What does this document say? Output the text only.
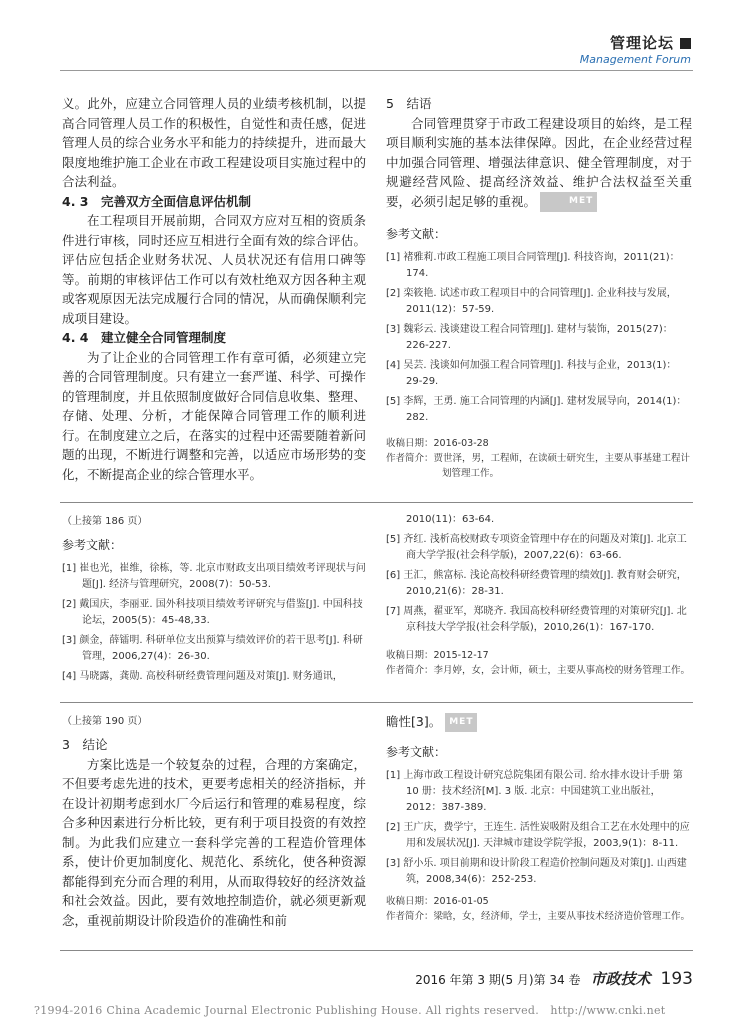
管理论坛
Management Forum

义。此外，应建立合同管理人员的业绩考核机制，以提高合同管理人员工作的积极性，自觉性和责任感，促进管理人员的综合业务水平和能力的持续提升，进而最大限度地维护施工企业在市政工程建设项目实施过程中的合法利益。

4. 3　完善双方全面信息评估机制

在工程项目开展前期，合同双方应对互相的资质条件进行审核，同时还应互相进行全面有效的综合评估。评估应包括企业财务状况、人员状况还有信用口碑等等。前期的审核评估工作可以有效杜绝双方因各种主观或客观原因无法完成履行合同的情况，从而确保顺利完成项目建设。

4. 4　建立健全合同管理制度

为了让企业的合同管理工作有章可循，必须建立完善的合同管理制度。只有建立一套严谨、科学、可操作的管理制度，并且依照制度做好合同信息收集、整理、存储、处理、分析，才能保障合同管理工作的顺利进行。在制度建立之后，在落实的过程中还需要随着新问题的出现，不断进行调整和完善，以适应市场形势的变化，不断提高企业的综合管理水平。

5　结语

合同管理贯穿于市政工程建设项目的始终，是工程项目顺利实施的基本法律保障。因此，在企业经营过程中加强合同管理、增强法律意识、健全管理制度，对于规避经营风险、提高经济效益、维护合法权益至关重要，必须引起足够的重视。	MET

参考文献：

[1] 褚雅莉.市政工程施工项目合同管理[J]. 科技咨询，2011(21)：174.

[2] 栾筱艳. 试述市政工程项目中的合同管理[J]. 企业科技与发展，2011(12)：57-59.

[3] 魏彩云. 浅谈建设工程合同管理[J]. 建材与装饰，2015(27)：226-227.

[4] 吴芸. 浅谈如何加强工程合同管理[J]. 科技与企业，2013(1)：29-29.

[5] 李辉，王勇. 施工合同管理的内涵[J]. 建材发展导向，2014(1)：282.

收稿日期：2016-03-28

作者简介：贾世泽，男，工程师，在读硕士研究生，主要从事基建工程计划管理工作。

（上接第 186 页）

参考文献：

[1] 崔也光，崔维，徐栋，等. 北京市财政支出项目绩效考评现状与问题[J]. 经济与管理研究，2008(7)：50-53.

[2] 戴国庆，李丽亚. 国外科技项目绩效考评研究与借鉴[J]. 中国科技论坛，2005(5)：45-48,33.

[3] 颜金，薛镭明. 科研单位支出预算与绩效评价的若干思考[J]. 科研管理，2006,27(4)：26-30.

[4] 马晓露，龚勋. 高校科研经费管理问题及对策[J]. 财务通讯，

2010(11)：63-64.

[5] 齐红. 浅析高校财政专项资金管理中存在的问题及对策[J]. 北京工商大学学报(社会科学版)，2007,22(6)：63-66.

[6] 王汇，熊富标. 浅论高校科研经费管理的绩效[J]. 教育财会研究，2010,21(6)：28-31.

[7] 周燕，翟亚军，郑晓齐. 我国高校科研经费管理的对策研究[J]. 北京科技大学学报(社会科学版)，2010,26(1)：167-170.

收稿日期：2015-12-17

作者简介：李月婷，女，会计师，硕士，主要从事高校的财务管理工作。

（上接第 190 页）

3　结论

方案比选是一个较复杂的过程，合理的方案确定，不但要考虑先进的技术，更要考虑相关的经济指标，并在设计初期考虑到水厂今后运行和管理的难易程度，综合多种因素进行分析比较，更有利于项目投资的有效控制。为此我们应建立一套科学完善的工程造价管理体系，使计价更加制度化、规范化、系统化，使各种资源都能得到充分而合理的利用，从而取得较好的经济效益和社会效益。因此，要有效地控制造价，就必须更新观念，重视前期设计阶段造价的准确性和前

瞻性[3]。 MET

参考文献：

[1] 上海市政工程设计研究总院集团有限公司. 给水排水设计手册 第 10 册：技术经济[M]. 3 版. 北京：中国建筑工业出版社，2012：387-389.

[2] 王广庆，费学宁，王连生. 活性炭吸附及组合工艺在水处理中的应用和发展状况[J]. 天津城市建设学院学报，2003,9(1)：8-11.

[3] 舒小乐. 项目前期和设计阶段工程造价控制问题及对策[J]. 山西建筑，2008,34(6)：252-253.

收稿日期：2016-01-05

作者简介：梁晗，女，经济师，学士，主要从事技术经济造价管理工作。

2016 年第 3 期(5 月)第 34 卷 市政技术 193
?1994-2016 China Academic Journal Electronic Publishing House. All rights reserved.　http://www.cnki.net
